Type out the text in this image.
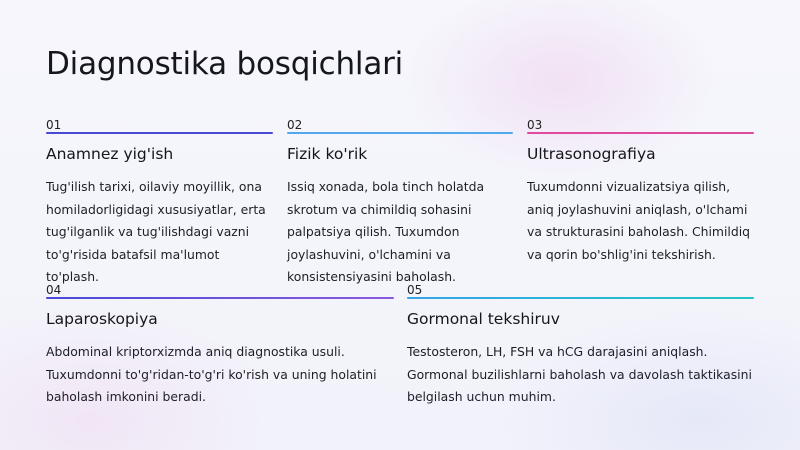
Diagnostika bosqichlari
01
Anamnez yig'ish
Tug'ilish tarixi, oilaviy moyillik, ona homiladorligidagi xususiyatlar, erta tug'ilganlik va tug'ilishdagi vazni to'g'risida batafsil ma'lumot to'plash.
02
Fizik ko'rik
Issiq xonada, bola tinch holatda skrotum va chimildiq sohasini palpatsiya qilish. Tuxumdon joylashuvini, o'lchamini va konsistensiyasini baholash.
03
Ultrasonografiya
Tuxumdonni vizualizatsiya qilish, aniq joylashuvini aniqlash, o'lchami va strukturasini baholash. Chimildiq va qorin bo'shlig'ini tekshirish.
04
Laparoskopiya
Abdominal kriptorxizmda aniq diagnostika usuli. Tuxumdonni to'g'ridan-to'g'ri ko'rish va uning holatini baholash imkonini beradi.
05
Gormonal tekshiruv
Testosteron, LH, FSH va hCG darajasini aniqlash. Gormonal buzilishlarni baholash va davolash taktikasini belgilash uchun muhim.
